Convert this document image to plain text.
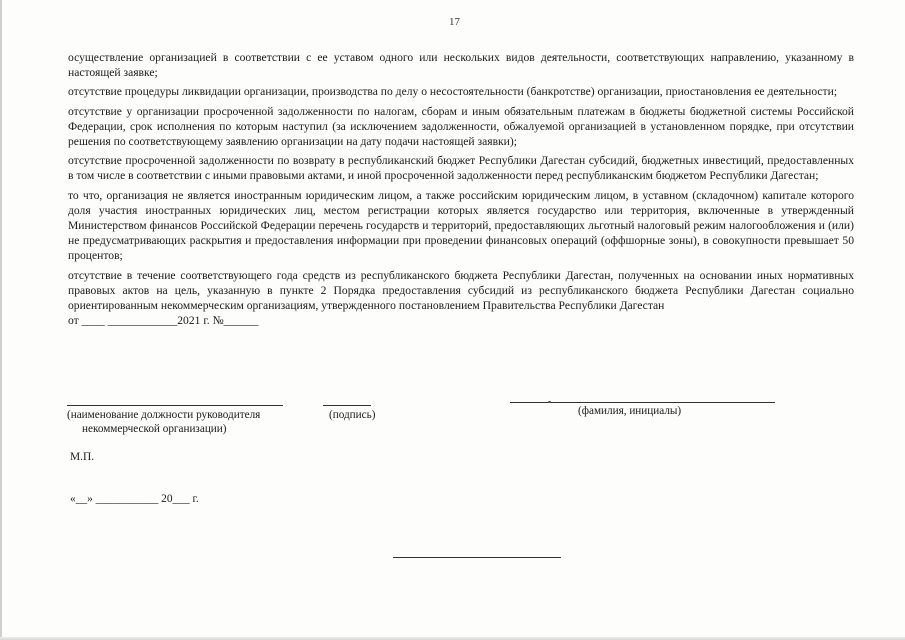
17

осуществление организацией в соответствии с ее уставом одного или нескольких видов деятельности, соответствующих направлению, указанному в настоящей заявке;

отсутствие процедуры ликвидации организации, производства по делу о несостоятельности (банкротстве) организации, приостановления ее деятельности;

отсутствие у организации просроченной задолженности по налогам, сборам и иным обязательным платежам в бюджеты бюджетной системы Российской Федерации, срок исполнения по которым наступил (за исключением задолженности, обжалуемой организацией в установленном порядке, при отсутствии решения по соответствующему заявлению организации на дату подачи настоящей заявки);

отсутствие просроченной задолженности по возврату в республиканский бюджет Республики Дагестан субсидий, бюджетных инвестиций, предоставленных в том числе в соответствии с иными правовыми актами, и иной просроченной задолженности перед республиканским бюджетом Республики Дагестан;

то что, организация не является иностранным юридическим лицом, а также российским юридическим лицом, в уставном (складочном) капитале которого доля участия иностранных юридических лиц, местом регистрации которых является государство или территория, включенные в утвержденный Министерством финансов Российской Федерации перечень государств и территорий, предоставляющих льготный налоговый режим налогообложения и (или) не предусматривающих раскрытия и предоставления информации при проведении финансовых операций (оффшорные зоны), в совокупности превышает 50 процентов;

отсутствие в течение соответствующего года средств из республиканского бюджета Республики Дагестан, полученных на основании иных нормативных правовых актов на цель, указанную в пункте 2 Порядка предоставления субсидий из республиканского бюджета Республики Дагестан социально ориентированным некоммерческим организациям, утвержденного постановлением Правительства Республики Дагестан

от ____ ____________2021 г. №______
(наименование должности руководителя
некоммерческой организации)
(подпись)	(фамилия, инициалы)
М.П.
«__» ___________ 20___ г.
